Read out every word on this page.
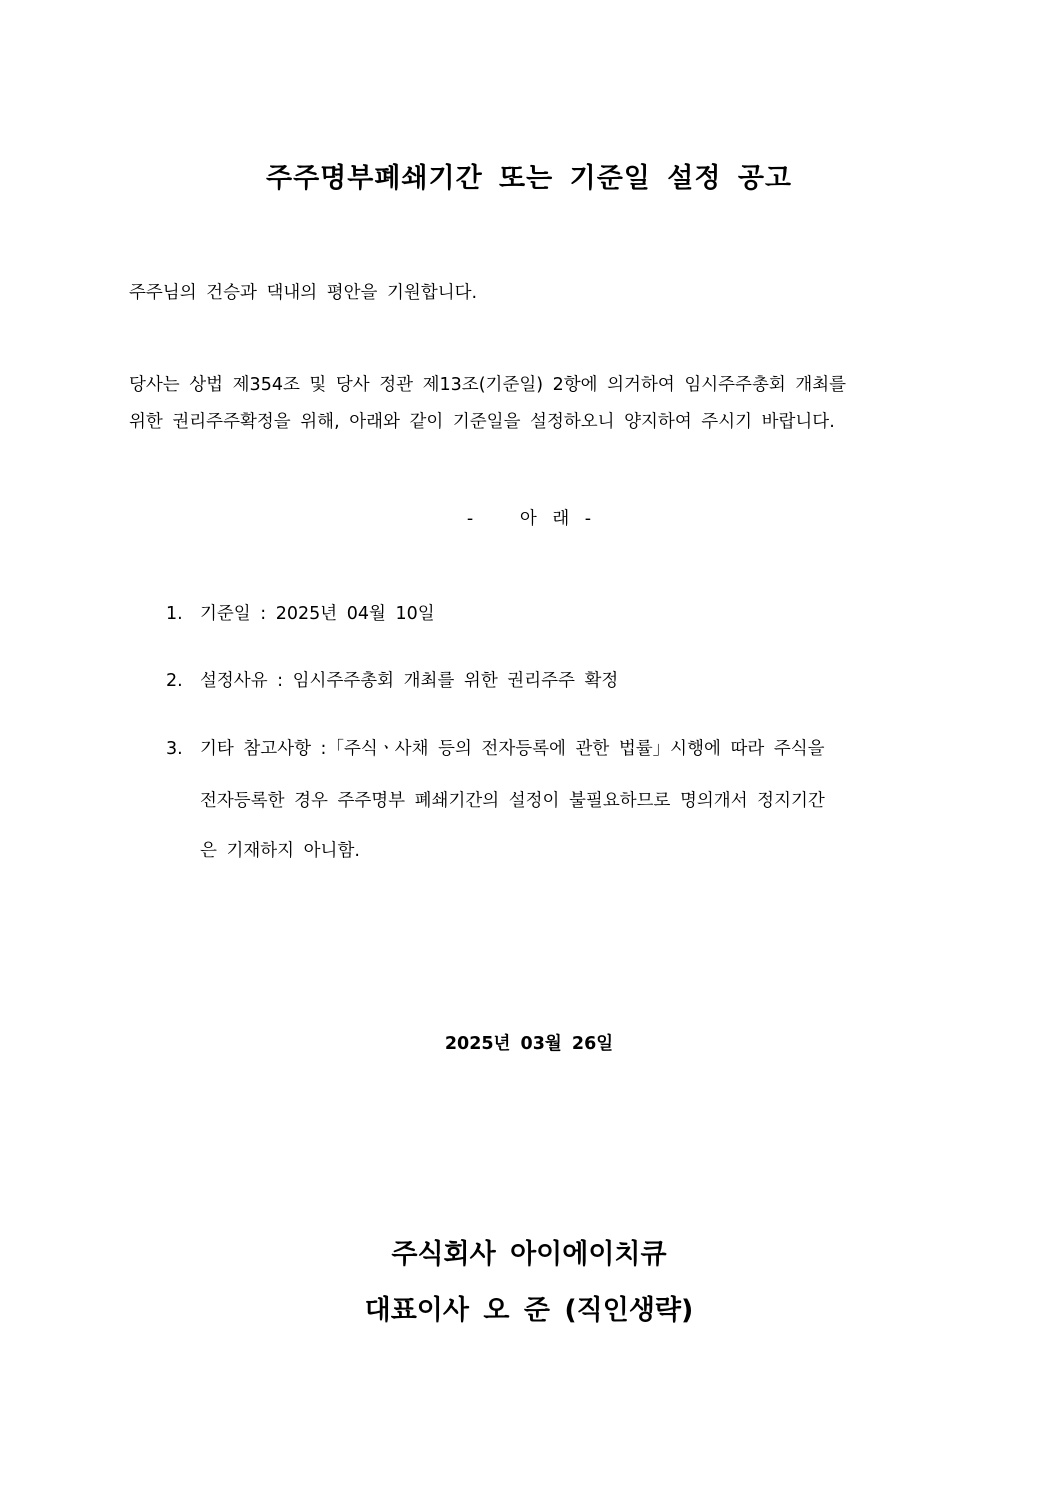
주주명부폐쇄기간 또는 기준일 설정 공고
주주님의 건승과 댁내의 평안을 기원합니다.
당사는 상법 제354조 및 당사 정관 제13조(기준일) 2항에 의거하여 임시주주총회 개최를
위한 권리주주확정을 위해, 아래와 같이 기준일을 설정하오니 양지하여 주시기 바랍니다.
-   아 래 -
1. 기준일 : 2025년 04월 10일
2. 설정사유 : 임시주주총회 개최를 위한 권리주주 확정
3. 기타 참고사항 :「주식ㆍ사채 등의 전자등록에 관한 법률」시행에 따라 주식을
전자등록한 경우 주주명부 폐쇄기간의 설정이 불필요하므로 명의개서 정지기간
은 기재하지 아니함.
2025년 03월 26일
주식회사 아이에이치큐
대표이사 오 준 (직인생략)
